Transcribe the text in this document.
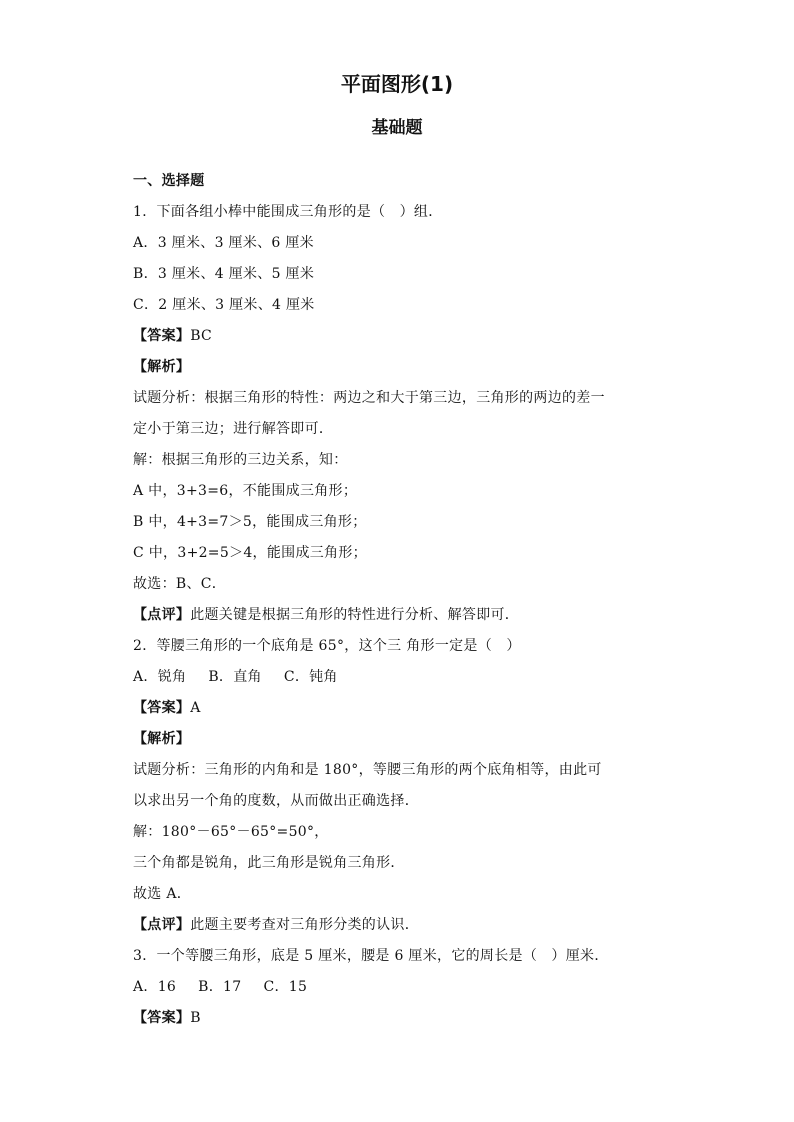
平面图形(1)
基础题
一、选择题
1．下面各组小棒中能围成三角形的是（　）组．
A．3 厘米、3 厘米、6 厘米
B．3 厘米、4 厘米、5 厘米
C．2 厘米、3 厘米、4 厘米
【答案】BC
【解析】
试题分析：根据三角形的特性：两边之和大于第三边，三角形的两边的差一
定小于第三边；进行解答即可．
解：根据三角形的三边关系，知：
A 中，3+3=6，不能围成三角形；
B 中，4+3=7＞5，能围成三角形；
C 中，3+2=5＞4，能围成三角形；
故选：B、C．
【点评】此题关键是根据三角形的特性进行分析、解答即可．
2．等腰三角形的一个底角是 65°，这个三 角形一定是（　）
A．锐角 B．直角 C．钝角
【答案】A
【解析】
试题分析：三角形的内角和是 180°，等腰三角形的两个底角相等，由此可
以求出另一个角的度数，从而做出正确选择．
解：180°－65°－65°=50°，
三个角都是锐角，此三角形是锐角三角形．
故选 A．
【点评】此题主要考查对三角形分类的认识．
3．一个等腰三角形，底是 5 厘米，腰是 6 厘米，它的周长是（　）厘米．
A．16 B．17 C．15
【答案】B
